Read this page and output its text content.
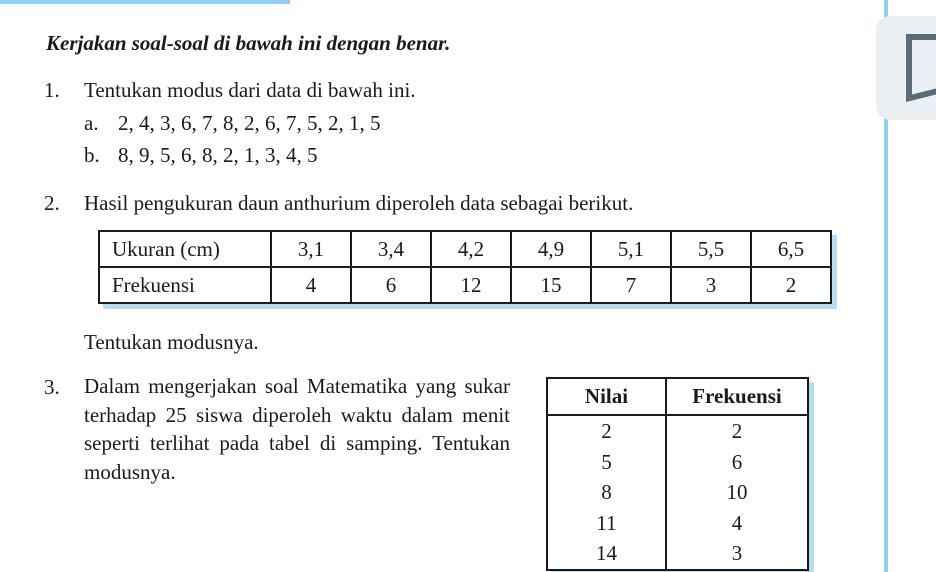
Kerjakan soal-soal di bawah ini dengan benar.
1. Tentukan modus dari data di bawah ini.
a. 2, 4, 3, 6, 7, 8, 2, 6, 7, 5, 2, 1, 5
b. 8, 9, 5, 6, 8, 2, 1, 3, 4, 5
2. Hasil pengukuran daun anthurium diperoleh data sebagai berikut.
Ukuran (cm)	3,1	3,4	4,2	4,9	5,1	5,5	6,5
Frekuensi	4	6	12	15	7	3	2
Tentukan modusnya.
3. Dalam mengerjakan soal Matematika yang sukar terhadap 25 siswa diperoleh waktu dalam menit seperti terlihat pada tabel di samping. Tentukan modusnya.
Nilai	Frekuensi
2	2
5	6
8	10
11	4
14	3
